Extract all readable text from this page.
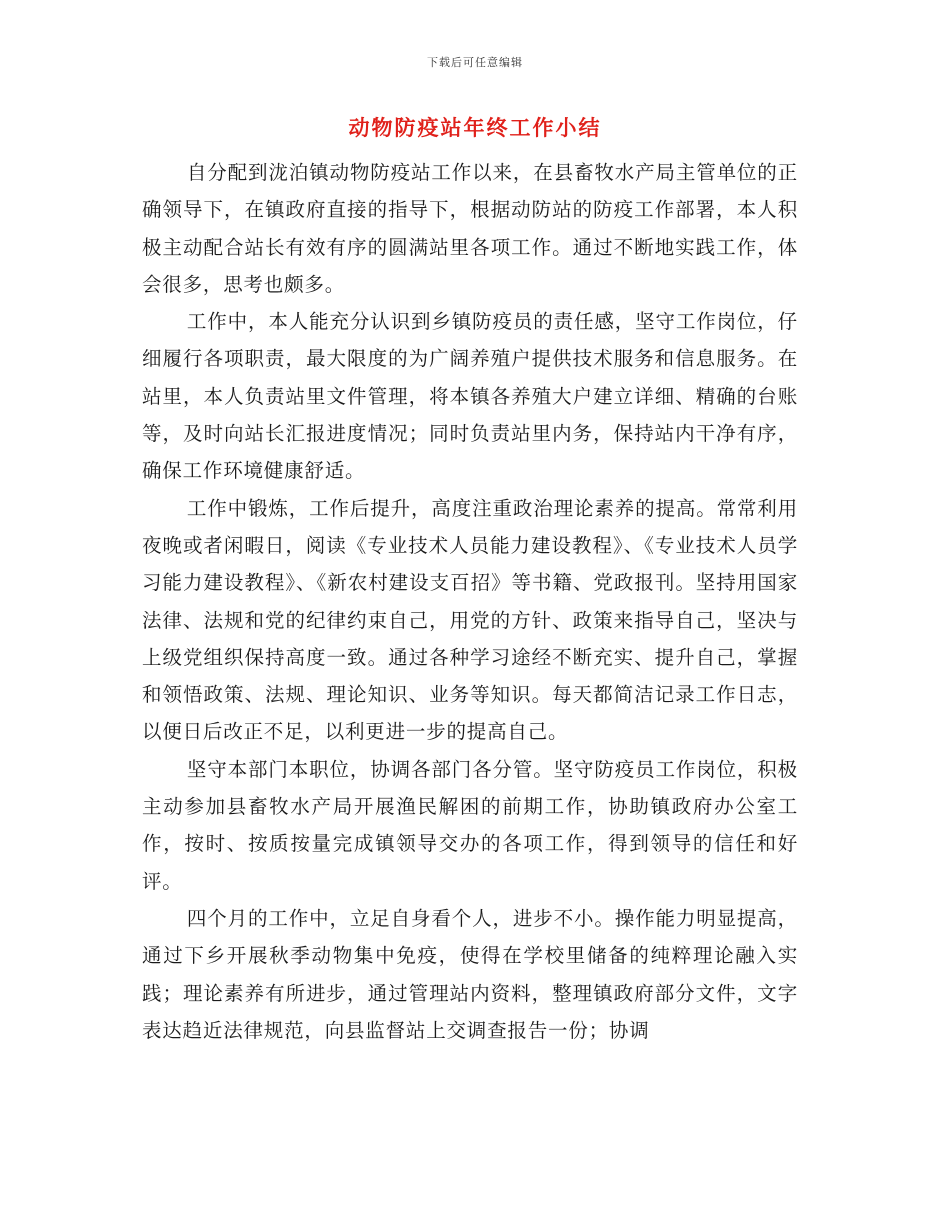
下载后可任意编辑
动物防疫站年终工作小结

自分配到泷泊镇动物防疫站工作以来，在县畜牧水产局主管单位的正确领导下，在镇政府直接的指导下，根据动防站的防疫工作部署，本人积极主动配合站长有效有序的圆满站里各项工作。通过不断地实践工作，体会很多，思考也颇多。

工作中，本人能充分认识到乡镇防疫员的责任感，坚守工作岗位，仔细履行各项职责，最大限度的为广阔养殖户提供技术服务和信息服务。在站里，本人负责站里文件管理，将本镇各养殖大户建立详细、精确的台账等，及时向站长汇报进度情况；同时负责站里内务，保持站内干净有序，确保工作环境健康舒适。

工作中锻炼，工作后提升，高度注重政治理论素养的提高。常常利用夜晚或者闲暇日，阅读《专业技术人员能力建设教程》、《专业技术人员学习能力建设教程》、《新农村建设支百招》等书籍、党政报刊。坚持用国家法律、法规和党的纪律约束自己，用党的方针、政策来指导自己，坚决与上级党组织保持高度一致。通过各种学习途经不断充实、提升自己，掌握和领悟政策、法规、理论知识、业务等知识。每天都简洁记录工作日志，以便日后改正不足，以利更进一步的提高自己。

坚守本部门本职位，协调各部门各分管。坚守防疫员工作岗位，积极主动参加县畜牧水产局开展渔民解困的前期工作，协助镇政府办公室工作，按时、按质按量完成镇领导交办的各项工作，得到领导的信任和好评。

四个月的工作中，立足自身看个人，进步不小。操作能力明显提高，通过下乡开展秋季动物集中免疫，使得在学校里储备的纯粹理论融入实践；理论素养有所进步，通过管理站内资料，整理镇政府部分文件，文字表达趋近法律规范，向县监督站上交调查报告一份；协调
